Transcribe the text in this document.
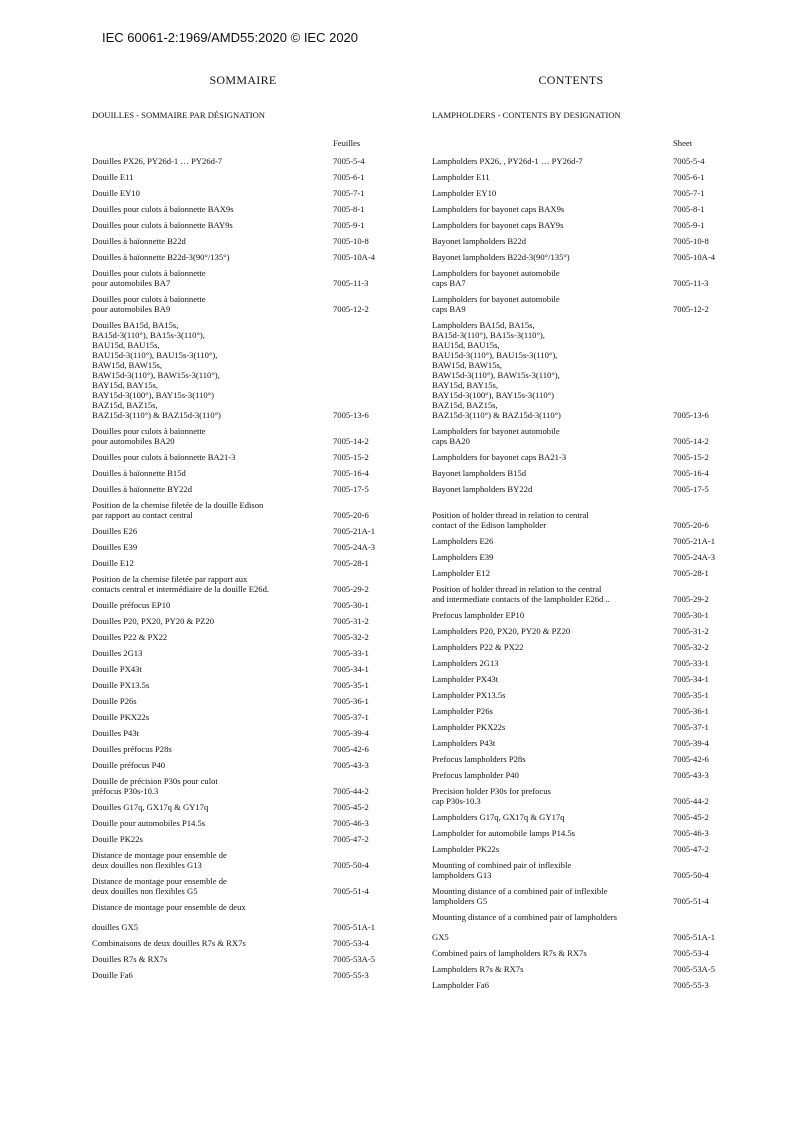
IEC 60061-2:1969/AMD55:2020 © IEC 2020
SOMMAIRE
DOUILLES - SOMMAIRE PAR DÉSIGNATION
Feuilles
Douilles PX26, PY26d-1 … PY26d-7	7005-5-4
Douille E11	7005-6-1
Douille EY10	7005-7-1
Douilles pour culots à baïonnette BAX9s	7005-8-1
Douilles pour culots à baïonnette BAY9s	7005-9-1
Douilles à baïonnette B22d	7005-10-8
Douilles à baïonnette B22d-3(90°/135°)	7005-10A-4
Douilles pour culots à baïonnette
pour automobiles BA7	7005-11-3
Douilles pour culots à baïonnette
pour automobiles BA9	7005-12-2
Douilles BA15d, BA15s,
BA15d-3(110°), BA15s-3(110°),
BAU15d, BAU15s,
BAU15d-3(110°), BAU15s-3(110°),
BAW15d, BAW15s,
BAW15d-3(110°), BAW15s-3(110°),
BAY15d, BAY15s,
BAY15d-3(100°), BAY15s-3(110°)
BAZ15d, BAZ15s,
BAZ15d-3(110°) & BAZ15d-3(110°)	7005-13-6
Douilles pour culots à baïonnette
pour automobiles BA20	7005-14-2
Douilles pour culots à baïonnette BA21-3	7005-15-2
Douilles à baïonnette B15d	7005-16-4
Douilles à baïonnette BY22d	7005-17-5
Position de la chemise filetée de la douille Edison
par rapport au contact central	7005-20-6
Douilles E26	7005-21A-1
Douilles E39	7005-24A-3
Douille E12	7005-28-1
Position de la chemise filetée par rapport aux
contacts central et intermédiaire de la douille E26d.	7005-29-2
Douille préfocus EP10	7005-30-1
Douilles P20, PX20, PY20 & PZ20	7005-31-2
Douilles P22 & PX22	7005-32-2
Douilles 2G13	7005-33-1
Douille PX43t	7005-34-1
Douille PX13.5s	7005-35-1
Douille P26s	7005-36-1
Douille PKX22s	7005-37-1
Douilles P43t	7005-39-4
Douilles préfocus P28s	7005-42-6
Douille préfocus P40	7005-43-3
Douille de précision P30s pour culot
préfocus P30s-10.3	7005-44-2
Douilles G17q, GX17q & GY17q	7005-45-2
Douille pour automobiles P14.5s	7005-46-3
Douille PK22s	7005-47-2
Distance de montage pour ensemble de
deux douilles non flexibles G13	7005-50-4
Distance de montage pour ensemble de
deux douilles non flexibles G5	7005-51-4
Distance de montage pour ensemble de deux

douilles GX5	7005-51A-1
Combinaisons de deux douilles R7s & RX7s	7005-53-4
Douilles R7s & RX7s	7005-53A-5
Douille Fa6	7005-55-3
CONTENTS
LAMPHOLDERS - CONTENTS BY DESIGNATION
Sheet
Lampholders PX26, , PY26d-1 … PY26d-7	7005-5-4
Lampholder E11	7005-6-1
Lampholder EY10	7005-7-1
Lampholders for bayonet caps BAX9s	7005-8-1
Lampholders for bayonet caps BAY9s	7005-9-1
Bayonet lampholders B22d	7005-10-8
Bayonet lampholders B22d-3(90°/135°)	7005-10A-4
Lampholders for bayonet automobile
caps BA7	7005-11-3
Lampholders for bayonet automobile
caps BA9	7005-12-2
Lampholders BA15d, BA15s,
BA15d-3(110°), BA15s-3(110°),
BAU15d, BAU15s,
BAU15d-3(110°), BAU15s-3(110°),
BAW15d, BAW15s,
BAW15d-3(110°), BAW15s-3(110°),
BAY15d, BAY15s,
BAY15d-3(100°), BAY15s-3(110°)
BAZ15d, BAZ15s,
BAZ15d-3(110°) & BAZ15d-3(110°)	7005-13-6
Lampholders for bayonet automobile
caps BA20	7005-14-2
Lampholders for bayonet caps BA21-3	7005-15-2
Bayonet lampholders B15d	7005-16-4
Bayonet lampholders BY22d	7005-17-5

Position of holder thread in relation to central
contact of the Edison lampholder	7005-20-6
Lampholders E26	7005-21A-1
Lampholders E39	7005-24A-3
Lampholder E12	7005-28-1
Position of holder thread in relation to the central
and intermediate contacts of the lampholder E26d ..	7005-29-2
Prefocus lampholder EP10	7005-30-1
Lampholders P20, PX20, PY20 & PZ20	7005-31-2
Lampholders P22 & PX22	7005-32-2
Lampholders 2G13	7005-33-1
Lampholder PX43t	7005-34-1
Lampholder PX13.5s	7005-35-1
Lampholder P26s	7005-36-1
Lampholder PKX22s	7005-37-1
Lampholders P43t	7005-39-4
Prefocus lampholders P28s	7005-42-6
Prefocus lampholder P40	7005-43-3
Precision holder P30s for prefocus
cap P30s-10.3	7005-44-2
Lampholders G17q, GX17q & GY17q	7005-45-2
Lampholder for automobile lamps P14.5s	7005-46-3
Lampholder PK22s	7005-47-2
Mounting of combined pair of inflexible
lampholders G13	7005-50-4
Mounting distance of a combined pair of inflexible
lampholders G5	7005-51-4
Mounting distance of a combined pair of lampholders

GX5	7005-51A-1
Combined pairs of lampholders R7s & RX7s	7005-53-4
Lampholders R7s & RX7s	7005-53A-5
Lampholder Fa6	7005-55-3
